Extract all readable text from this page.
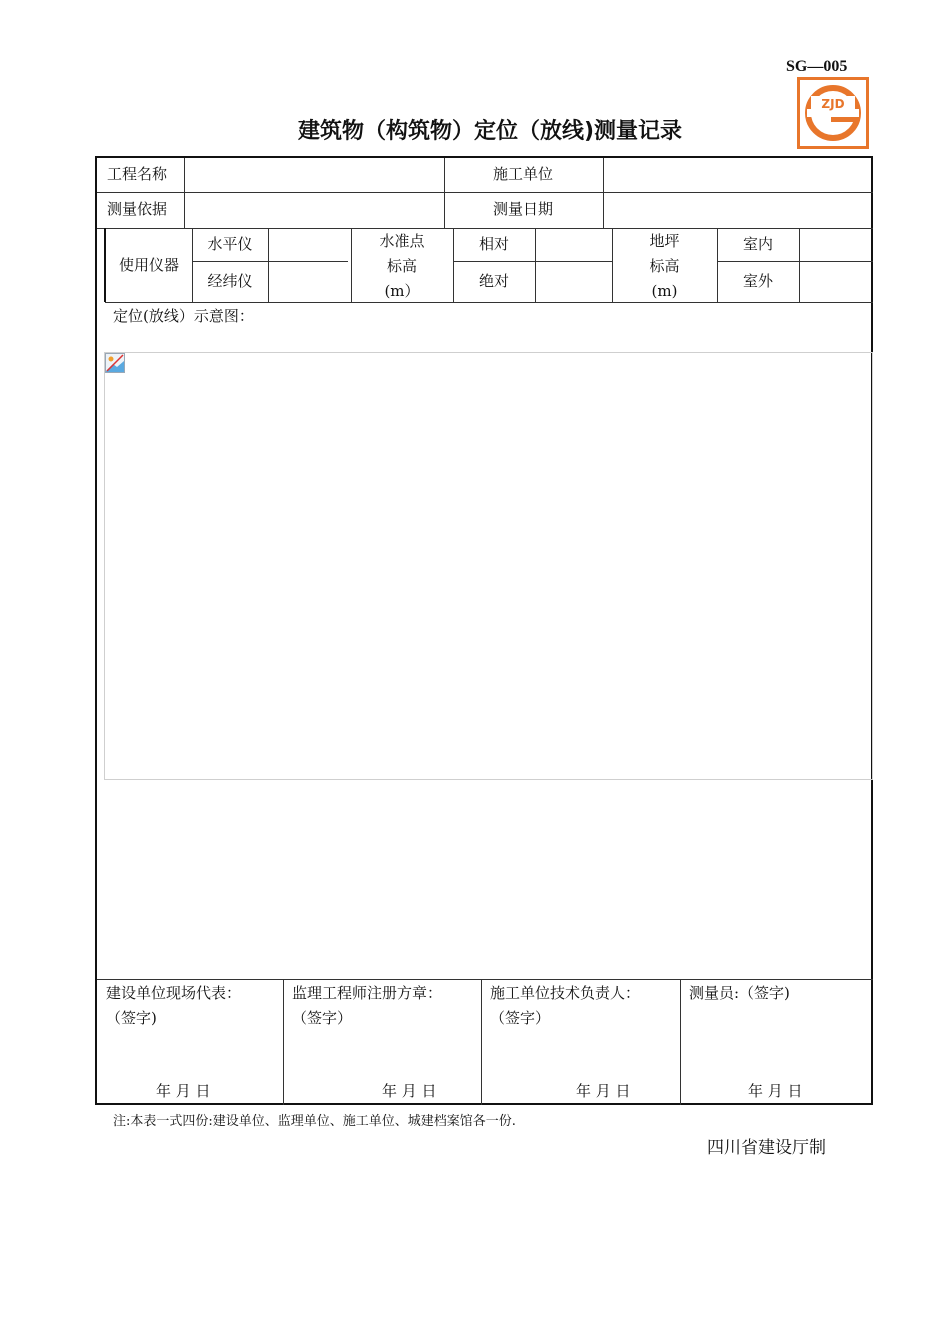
SG—005
ZJD
建筑物（构筑物）定位（放线)测量记录
工程名称	施工单位
测量依据	测量日期
使用仪器
水平仪
经纬仪
水准点
标高
(m）
相对
绝对
地坪
标高
(m)
室内
室外
定位(放线）示意图：
建设单位现场代表：
（签字)
年 月 日
监理工程师注册方章：
（签字）
年 月 日
施工单位技术负责人：
（签字）
年 月 日
测量员:（签字)
年 月 日
注:本表一式四份:建设单位、监理单位、施工单位、城建档案馆各一份.
四川省建设厅制
